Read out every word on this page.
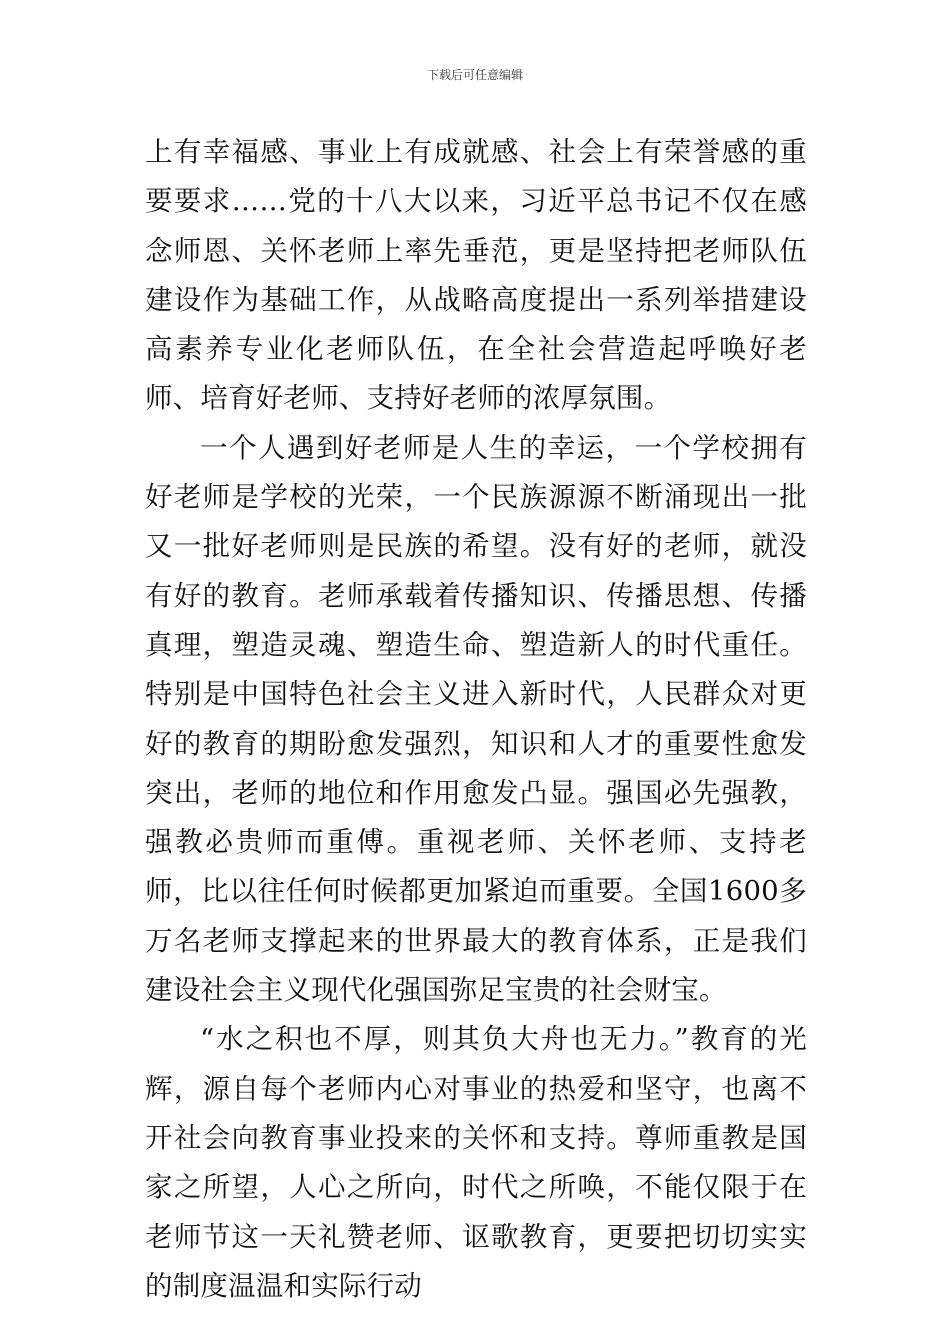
下载后可任意编辑

上有幸福感、事业上有成就感、社会上有荣誉感的重要要求……党的十八大以来，习近平总书记不仅在感念师恩、关怀老师上率先垂范，更是坚持把老师队伍建设作为基础工作，从战略高度提出一系列举措建设高素养专业化老师队伍，在全社会营造起呼唤好老师、培育好老师、支持好老师的浓厚氛围。

一个人遇到好老师是人生的幸运，一个学校拥有好老师是学校的光荣，一个民族源源不断涌现出一批又一批好老师则是民族的希望。没有好的老师，就没有好的教育。老师承载着传播知识、传播思想、传播真理，塑造灵魂、塑造生命、塑造新人的时代重任。特别是中国特色社会主义进入新时代，人民群众对更好的教育的期盼愈发强烈，知识和人才的重要性愈发突出，老师的地位和作用愈发凸显。强国必先强教，强教必贵师而重傅。重视老师、关怀老师、支持老师，比以往任何时候都更加紧迫而重要。全国1600多万名老师支撑起来的世界最大的教育体系，正是我们建设社会主义现代化强国弥足宝贵的社会财宝。

“水之积也不厚，则其负大舟也无力。”教育的光辉，源自每个老师内心对事业的热爱和坚守，也离不开社会向教育事业投来的关怀和支持。尊师重教是国家之所望，人心之所向，时代之所唤，不能仅限于在老师节这一天礼赞老师、讴歌教育，更要把切切实实的制度温温和实际行动
